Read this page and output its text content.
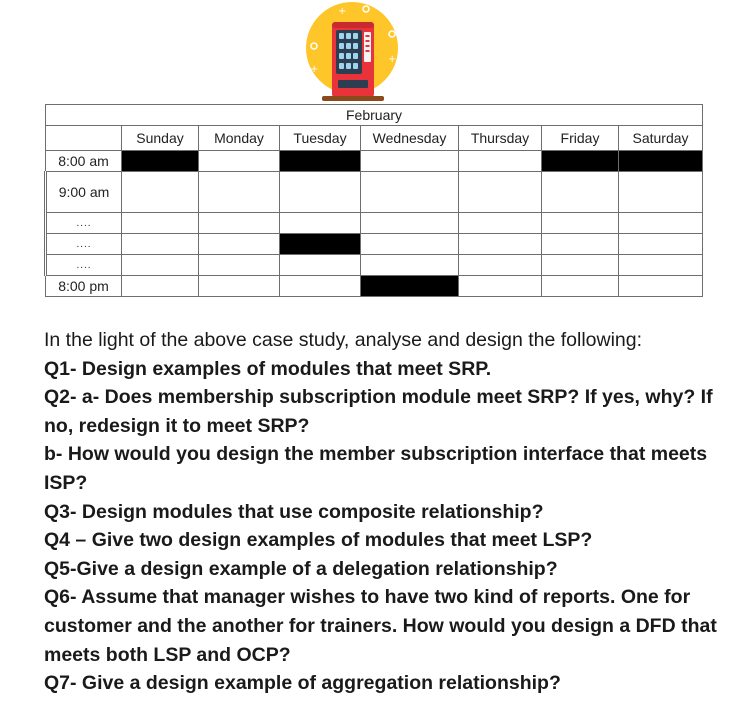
+
+
+
February							
	Sunday	Monday	Tuesday	Wednesday	Thursday	Friday	Saturday
8:00 am							
9:00 am							
....							
....							
....							
8:00 pm							
In the light of the above case study, analyse and design the following:
Q1- Design examples of modules that meet SRP.
Q2- a- Does membership subscription module meet SRP? If yes, why? If no, redesign it to meet SRP?
b- How would you design the member subscription interface that meets ISP?
Q3- Design modules that use composite relationship?
Q4 – Give two design examples of modules that meet LSP?
Q5-Give a design example of a delegation relationship?
Q6- Assume that manager wishes to have two kind of reports. One for customer and the another for trainers. How would you design a DFD that meets both LSP and OCP?
Q7- Give a design example of aggregation relationship?
